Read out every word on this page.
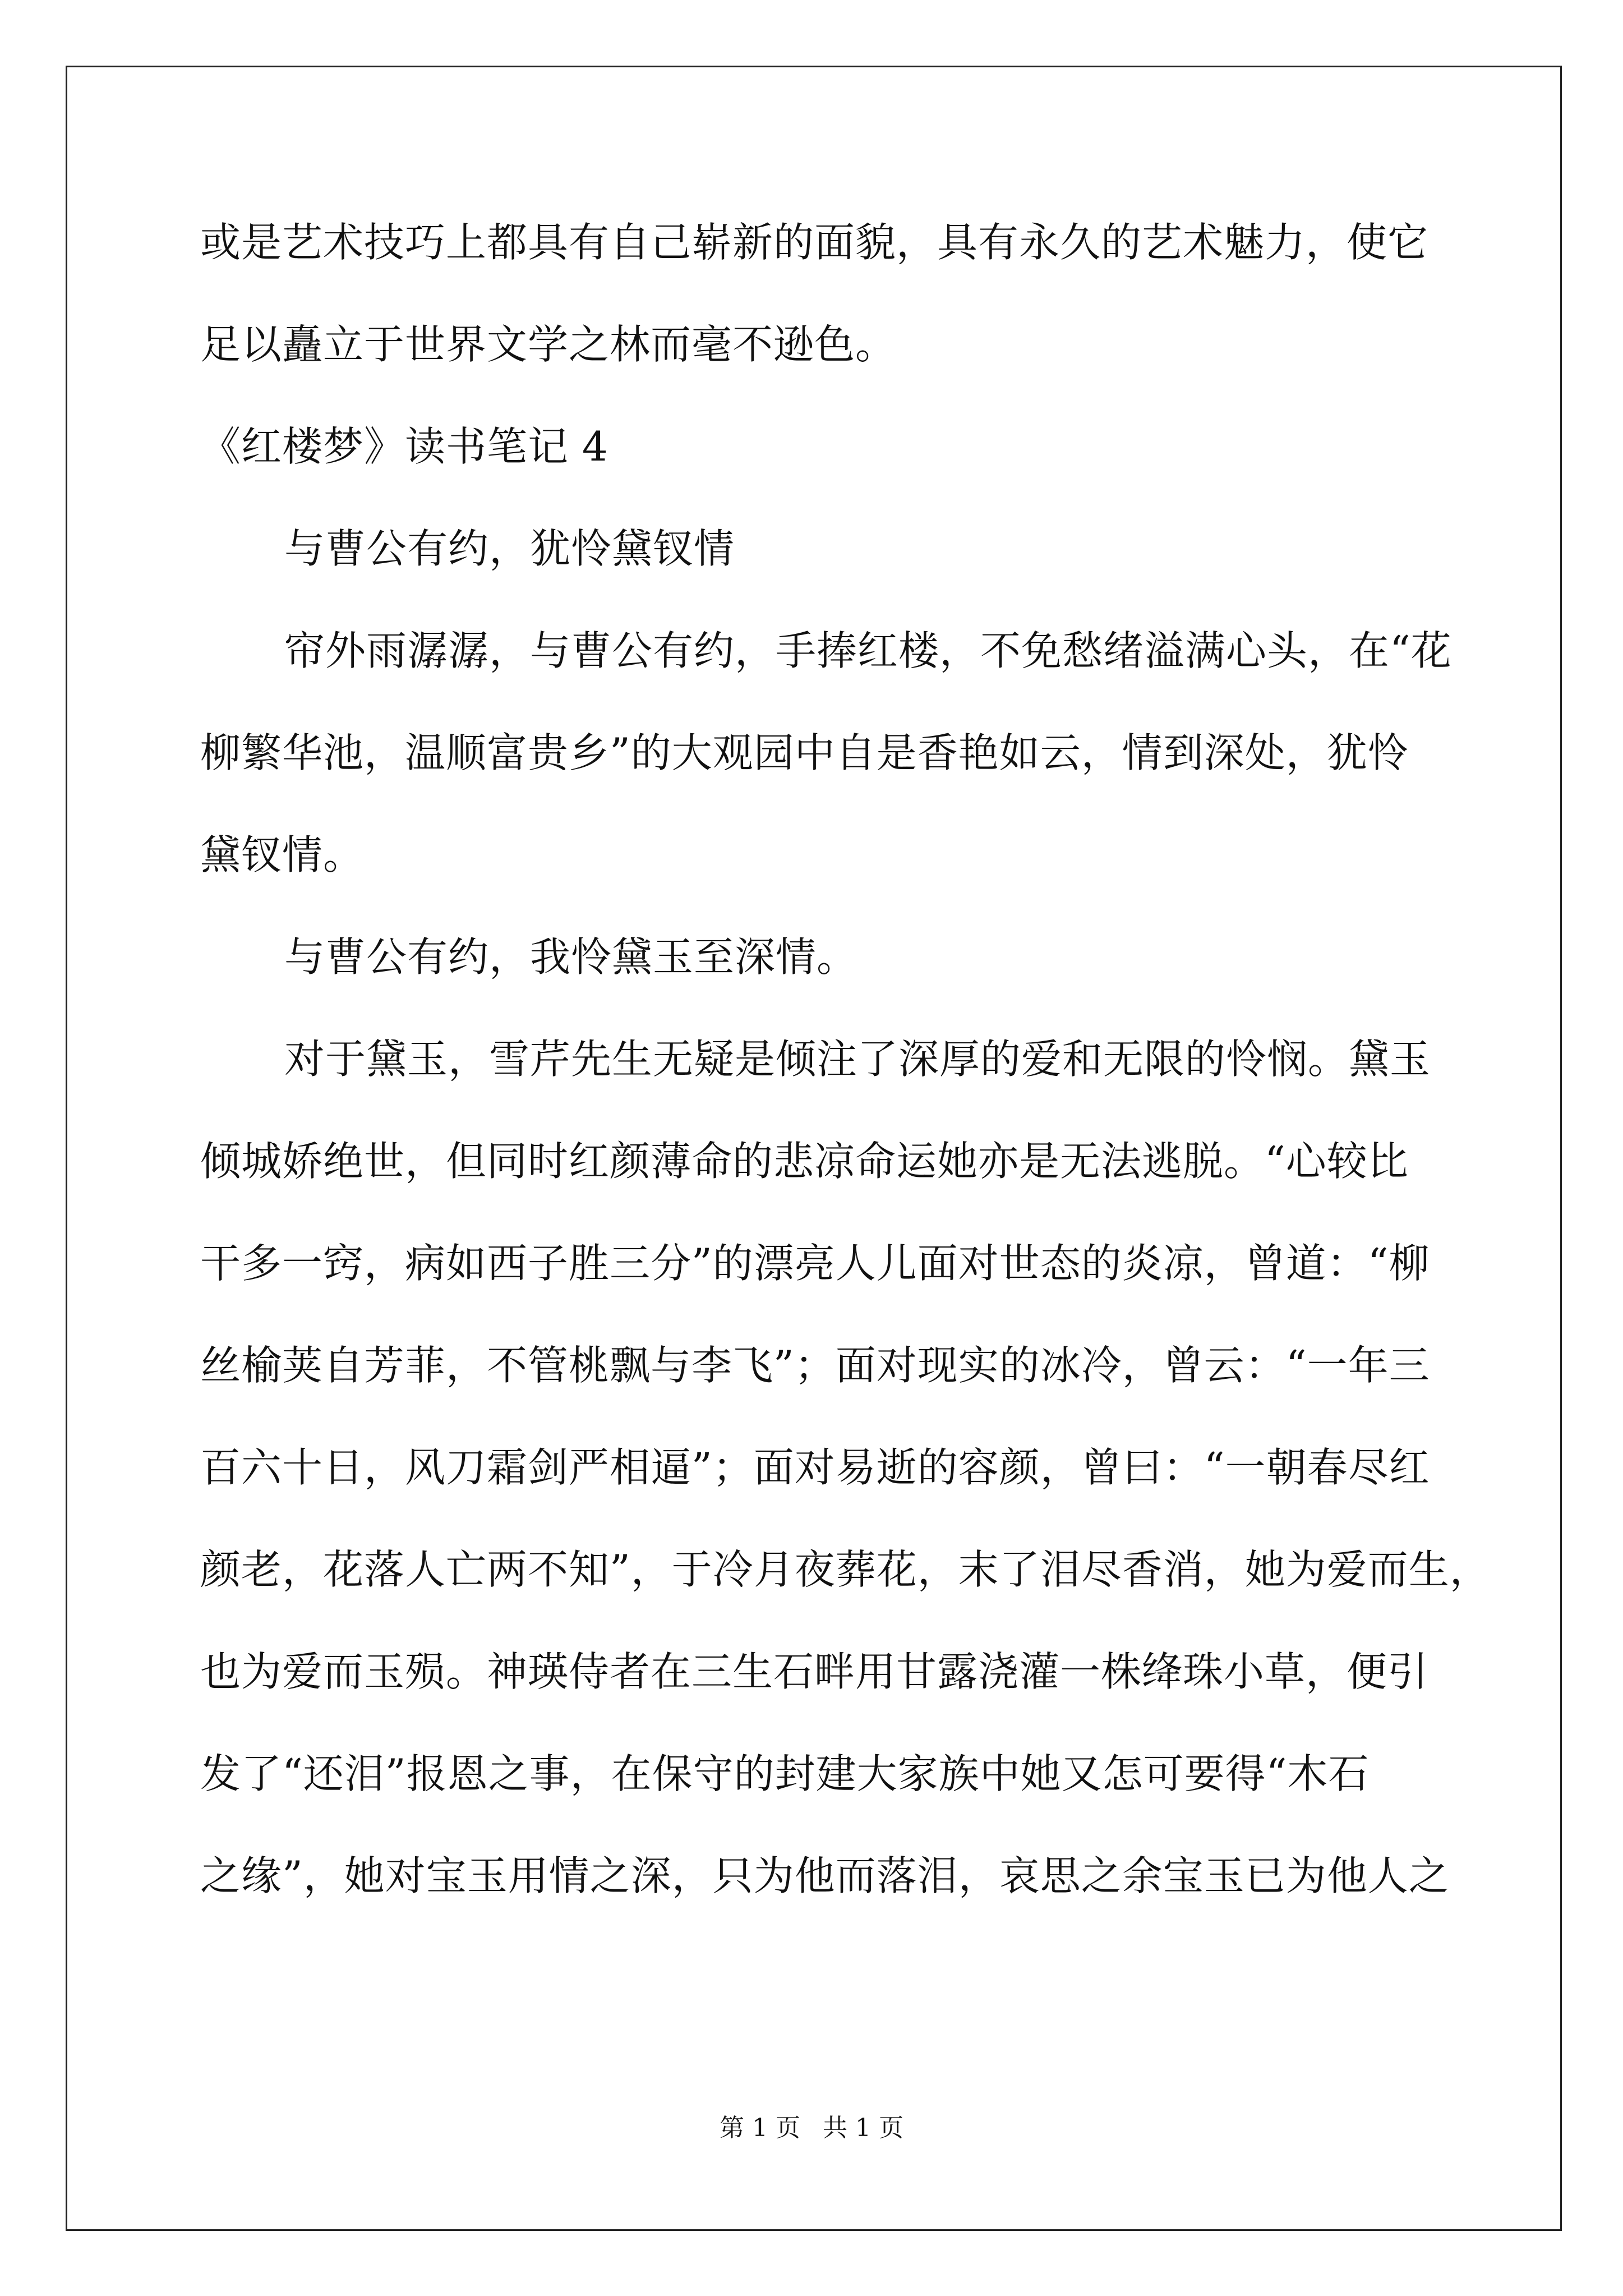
或是艺术技巧上都具有自己崭新的面貌，具有永久的艺术魅力，使它
足以矗立于世界文学之林而毫不逊色。
《红楼梦》读书笔记 4
与曹公有约，犹怜黛钗情
帘外雨潺潺，与曹公有约，手捧红楼，不免愁绪溢满心头，在“花
柳繁华池，温顺富贵乡”的大观园中自是香艳如云，情到深处，犹怜
黛钗情。
与曹公有约，我怜黛玉至深情。
对于黛玉，雪芹先生无疑是倾注了深厚的爱和无限的怜悯。黛玉
倾城娇绝世，但同时红颜薄命的悲凉命运她亦是无法逃脱。“心较比
干多一窍，病如西子胜三分”的漂亮人儿面对世态的炎凉，曾道：“柳
丝榆荚自芳菲，不管桃飘与李飞”；面对现实的冰冷，曾云：“一年三
百六十日，风刀霜剑严相逼”；面对易逝的容颜，曾曰：“一朝春尽红
颜老，花落人亡两不知”，于冷月夜葬花，末了泪尽香消，她为爱而生，
也为爱而玉殒。神瑛侍者在三生石畔用甘露浇灌一株绛珠小草，便引
发了“还泪”报恩之事，在保守的封建大家族中她又怎可要得“木石
之缘”，她对宝玉用情之深，只为他而落泪，哀思之余宝玉已为他人之
第 1 页 共 1 页
